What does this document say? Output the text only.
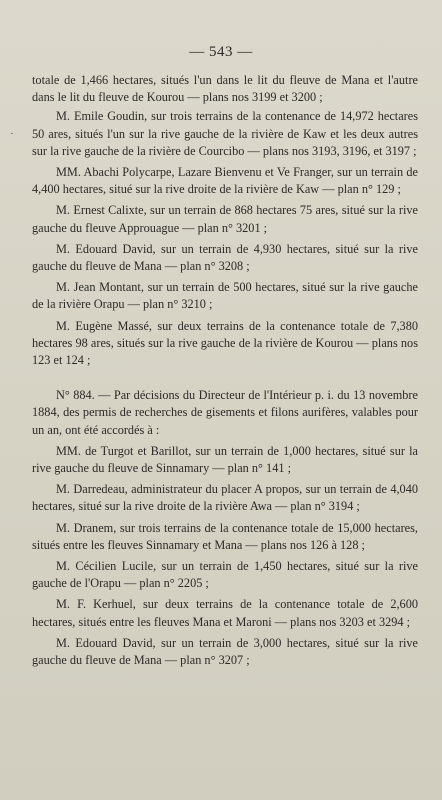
— 543 —
·

totale de 1,466 hectares, situés l'un dans le lit du fleuve de Mana et l'autre dans le lit du fleuve de Kourou — plans nos 3199 et 3200 ;

M. Emile Goudin, sur trois terrains de la contenance de 14,972 hectares 50 ares, situés l'un sur la rive gauche de la rivière de Kaw et les deux autres sur la rive gauche de la rivière de Courcibo — plans nos 3193, 3196, et 3197 ;

MM. Abachi Polycarpe, Lazare Bienvenu et Ve Franger, sur un terrain de 4,400 hectares, situé sur la rive droite de la rivière de Kaw — plan n° 129 ;

M. Ernest Calixte, sur un terrain de 868 hectares 75 ares, situé sur la rive gauche du fleuve Approuague — plan n° 3201 ;

M. Edouard David, sur un terrain de 4,930 hectares, situé sur la rive gauche du fleuve de Mana — plan n° 3208 ;

M. Jean Montant, sur un terrain de 500 hectares, situé sur la rive gauche de la rivière Orapu — plan n° 3210 ;

M. Eugène Massé, sur deux terrains de la contenance totale de 7,380 hectares 98 ares, situés sur la rive gauche de la rivière de Kourou — plans nos 123 et 124 ;

N° 884. — Par décisions du Directeur de l'Intérieur p. i. du 13 novembre 1884, des permis de recherches de gisements et filons aurifères, valables pour un an, ont été accordés à :

MM. de Turgot et Barillot, sur un terrain de 1,000 hectares, situé sur la rive gauche du fleuve de Sinnamary — plan n° 141 ;

M. Darredeau, administrateur du placer A propos, sur un terrain de 4,040 hectares, situé sur la rive droite de la rivière Awa — plan n° 3194 ;

M. Dranem, sur trois terrains de la contenance totale de 15,000 hectares, situés entre les fleuves Sinnamary et Mana — plans nos 126 à 128 ;

M. Cécilien Lucile, sur un terrain de 1,450 hectares, situé sur la rive gauche de l'Orapu — plan n° 2205 ;

M. F. Kerhuel, sur deux terrains de la contenance totale de 2,600 hectares, situés entre les fleuves Mana et Maroni — plans nos 3203 et 3294 ;

M. Edouard David, sur un terrain de 3,000 hectares, situé sur la rive gauche du fleuve de Mana — plan n° 3207 ;
